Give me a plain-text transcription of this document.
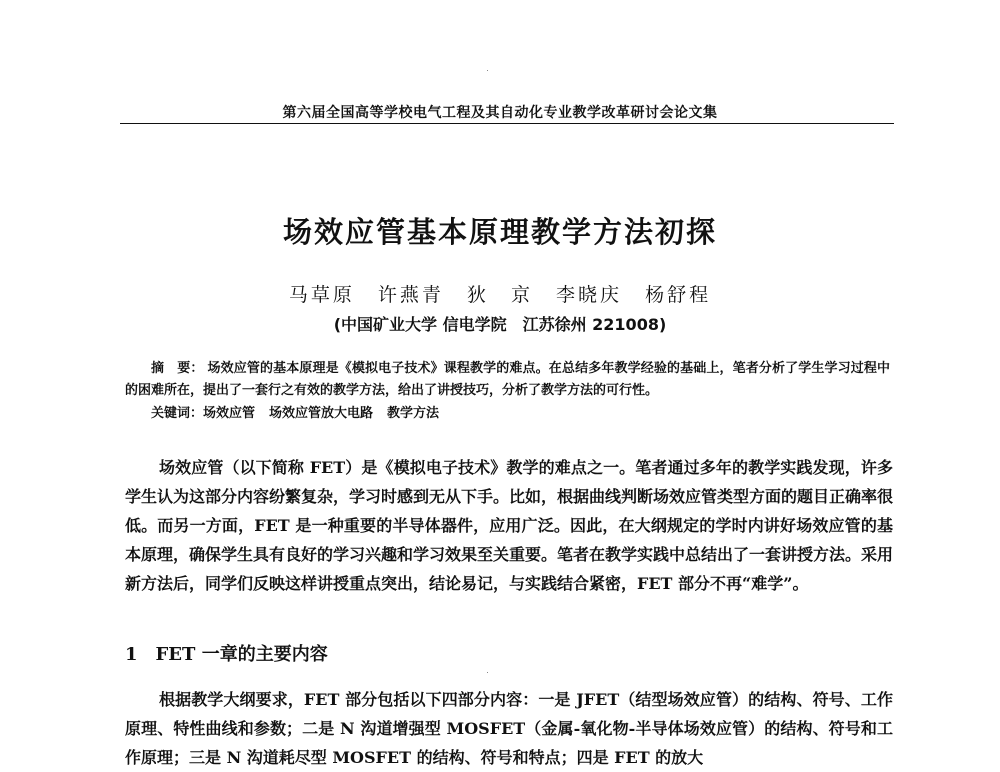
第六届全国高等学校电气工程及其自动化专业教学改革研讨会论文集
场效应管基本原理教学方法初探
马草原 许燕青 狄　京 李晓庆 杨舒程
(中国矿业大学 信电学院　江苏徐州 221008)
摘　要： 场效应管的基本原理是《模拟电子技术》课程教学的难点。在总结多年教学经验的基础上，笔者分析了学生学习过程中的困难所在，提出了一套行之有效的教学方法，给出了讲授技巧，分析了教学方法的可行性。
关键词：场效应管 场效应管放大电路 教学方法
场效应管（以下简称 FET）是《模拟电子技术》教学的难点之一。笔者通过多年的教学实践发现，许多学生认为这部分内容纷繁复杂，学习时感到无从下手。比如，根据曲线判断场效应管类型方面的题目正确率很低。而另一方面，FET 是一种重要的半导体器件，应用广泛。因此，在大纲规定的学时内讲好场效应管的基本原理，确保学生具有良好的学习兴趣和学习效果至关重要。笔者在教学实践中总结出了一套讲授方法。采用新方法后，同学们反映这样讲授重点突出，结论易记，与实践结合紧密，FET 部分不再“难学”。
1 FET 一章的主要内容
根据教学大纲要求，FET 部分包括以下四部分内容：一是 JFET（结型场效应管）的结构、符号、工作原理、特性曲线和参数；二是 N 沟道增强型 MOSFET（金属-氧化物-半导体场效应管）的结构、符号和工作原理；三是 N 沟道耗尽型 MOSFET 的结构、符号和特点；四是 FET 的放大
